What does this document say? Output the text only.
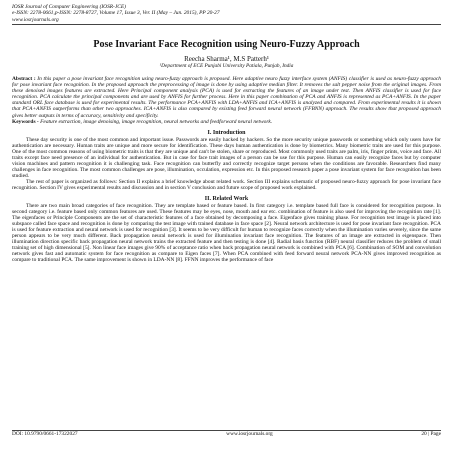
IOSR Journal of Computer Engineering (IOSR-JCE)
e-ISSN: 2278-0661,p-ISSN: 2278-8727, Volume 17, Issue 3, Ver. II (May – Jun. 2015), PP 20-27
www.iosrjournals.org
Pose Invariant Face Recognition using Neuro-Fuzzy Approach
Reecha Sharma¹, M.S Patterh¹
¹Department of ECE Punjabi University Patiala, Punjab, India
Abstract : In this paper a pose invariant face recognition using neuro-fuzzy approach is proposed. Here adaptive neuro fuzzy interface system (ANFIS) classifier is used as neuro-fuzzy approach for pose invariant face recognition. In the proposed approach the preprocessing of image is done by using adaptive median filter. It removes the salt pepper noise from the original images. From these denoised images features are extracted. Here Principal component analysis (PCA) is used for extracting the features of an image under test. Then ANFIS classifier is used for face recognition. PCA calculate the principal components and are used by ANFIS for further process. Here in this paper combination of PCA and ANFIS is represented as PCA+ANFIS. In the paper standard ORL face database is used for experimental results. The performance PCA+ANFIS with LDA+ANFIS and ICA+ANFIS is analyzed and compared. From experimental results it is shown that PCA+ANFIS outperforms than other two approaches. ICA+ANFIS is also compared by existing feed forward neural network (FFBNN) approach. The results show that proposed approach gives better outputs in terms of accuracy, sensitivity and specificity.
Keywords - Feature extraction, image denoising, image recognition, neural networks and feedforward neural network.
I. Introduction
These day security is one of the most common and important issue. Passwords are easily hacked by hackers. So the more security unique passwords or something which only users have for authentication are necessary. Human traits are unique and more secure for identification. These days human authentication is done by biometrics. Many biometric traits are used for this purpose. One of the most common reasons of using biometric traits is that they are unique and can't be stolen, share or reproduced. Most commonly used traits are palm, iris, finger prints, voice and face. All traits except face need presence of an individual for authentication. But in case for face trait images of a person can be use for this purpose. Human can easily recognize faces but by computer vision machines and pattern recognition it is challenging task. Face recognition can butterfly and correctly recognize target persons when the conditions are favorable. Researchers find many challenges in face recognition. The most common challenges are pose, illumination, occulation, expression etc. In this proposed research paper a pose invariant system for face recognition has been studied.
The rest of paper is organized as follows: Section II explains a brief knowledge about related work. Section III explains schematic of proposed neuro-fuzzy approach for pose invariant face recognition. Section IV gives experimental results and discussion and in section V conclusion and future scope of proposed work explained.
II. Related Work
There are two main broad categories of face recognition. They are template based or feature based. In first category i.e. template based full face is considered for recognition purpose. In second category i.e. feature based only common features are used. These features may be eyes, nose, mouth and ear etc. combination of feature is also used for improving the recognition rate [1]. The eigenfaces or Principle Components are the set of characteristic features of a face obtained by decomposing a face. Eigenface gives training phase. For recognition test image is placed into subspace called face space and recognition is done by comparing the test image with trained database in face space [2]. Neural network architecture is used for pose invariant face recognition. PCA is used for feature extraction and neural network is used for recognition [3]. It seems to be very difficult for human to recognize faces correctly when the illumination varies severely, since the same person appears to be very much different. Back propagation neural network is used for illumination invariant face recognition. The features of an image are extracted in eigenspace. Then illumination direction specific back propagation neural network trains the extracted feature and then testing is done [4]. Radial basis function (RBF) neural classifier reduces the problem of small training set of high dimensional [5]. Non linear face images give 90% of acceptance ratio when back propagation neural network is combined with PCA [6]. Combination of SOM and convolution network gives fast and automatic system for face recognition as compare to Eigen faces [7]. When PCA combined with feed forward neural network PCA-NN gives improved recognition as compare to traditional PCA. The same improvement is shown in LDA-NN [8]. FFNN improves the performance of face
DOI: 10.9790/0661-17322027	www.iosrjournals.org	20 | Page
